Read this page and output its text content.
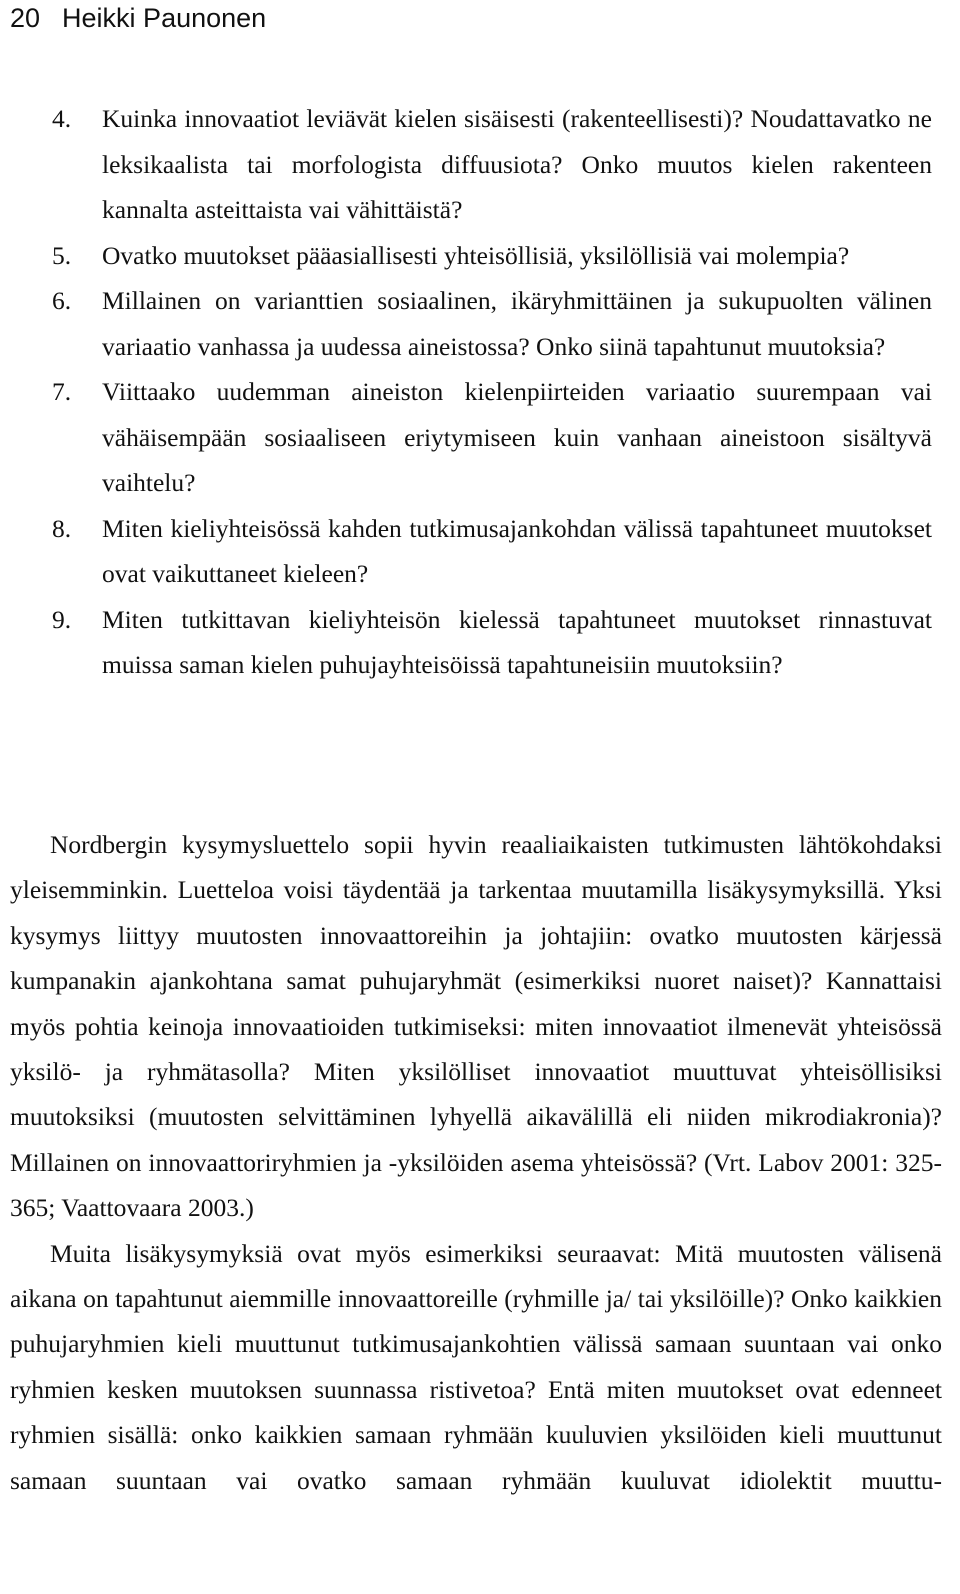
20 Heikki Paunonen
4.	Kuinka innovaatiot leviävät kielen sisäisesti (rakenteellisesti)? Noudattavatko ne leksikaalista tai morfologista diffuusiota? Onko muutos kielen rakenteen kannalta asteittaista vai vähittäistä?
5.	Ovatko muutokset pääasiallisesti yhteisöllisiä, yksilöllisiä vai molempia?
6.	Millainen on varianttien sosiaalinen, ikäryhmittäinen ja sukupuolten välinen variaatio vanhassa ja uudessa aineistossa? Onko siinä tapahtunut muutoksia?
7.	Viittaako uudemman aineiston kielenpiirteiden variaatio suurempaan vai vähäisempään sosiaaliseen eriytymiseen kuin vanhaan aineistoon sisältyvä vaihtelu?
8.	Miten kieliyhteisössä kahden tutkimusajankohdan välissä tapahtuneet muutokset ovat vaikuttaneet kieleen?
9.	Miten tutkittavan kieliyhteisön kielessä tapahtuneet muutokset rinnastuvat muissa saman kielen puhujayhteisöissä tapahtuneisiin muutoksiin?

Nordbergin kysymysluettelo sopii hyvin reaaliaikaisten tutkimusten lähtökohdaksi yleisemminkin. Luetteloa voisi täydentää ja tarkentaa muutamilla lisäkysymyksillä. Yksi kysymys liittyy muutosten innovaattoreihin ja johtajiin: ovatko muutosten kärjessä kumpanakin ajankohtana samat puhujaryhmät (esimerkiksi nuoret naiset)? Kannattaisi myös pohtia keinoja innovaatioiden tutkimiseksi: miten innovaatiot ilmenevät yhteisössä yksilö- ja ryhmätasolla? Miten yksilölliset innovaatiot muuttuvat yhteisöllisiksi muutoksiksi (muutosten selvittäminen lyhyellä aikavälillä eli niiden mikrodiakronia)? Millainen on innovaattoriryhmien ja -yksilöiden asema yhteisössä? (Vrt. Labov 2001: 325-365; Vaattovaara 2003.)

Muita lisäkysymyksiä ovat myös esimerkiksi seuraavat: Mitä muutosten välisenä aikana on tapahtunut aiemmille innovaattoreille (ryhmille ja/ tai yksilöille)? Onko kaikkien puhujaryhmien kieli muuttunut tutkimusajankohtien välissä samaan suuntaan vai onko ryhmien kesken muutoksen suunnassa ristivetoa? Entä miten muutokset ovat edenneet ryhmien sisällä: onko kaikkien samaan ryhmään kuuluvien yksilöiden kieli muuttunut samaan suuntaan vai ovatko samaan ryhmään kuuluvat idiolektit muuttu-
